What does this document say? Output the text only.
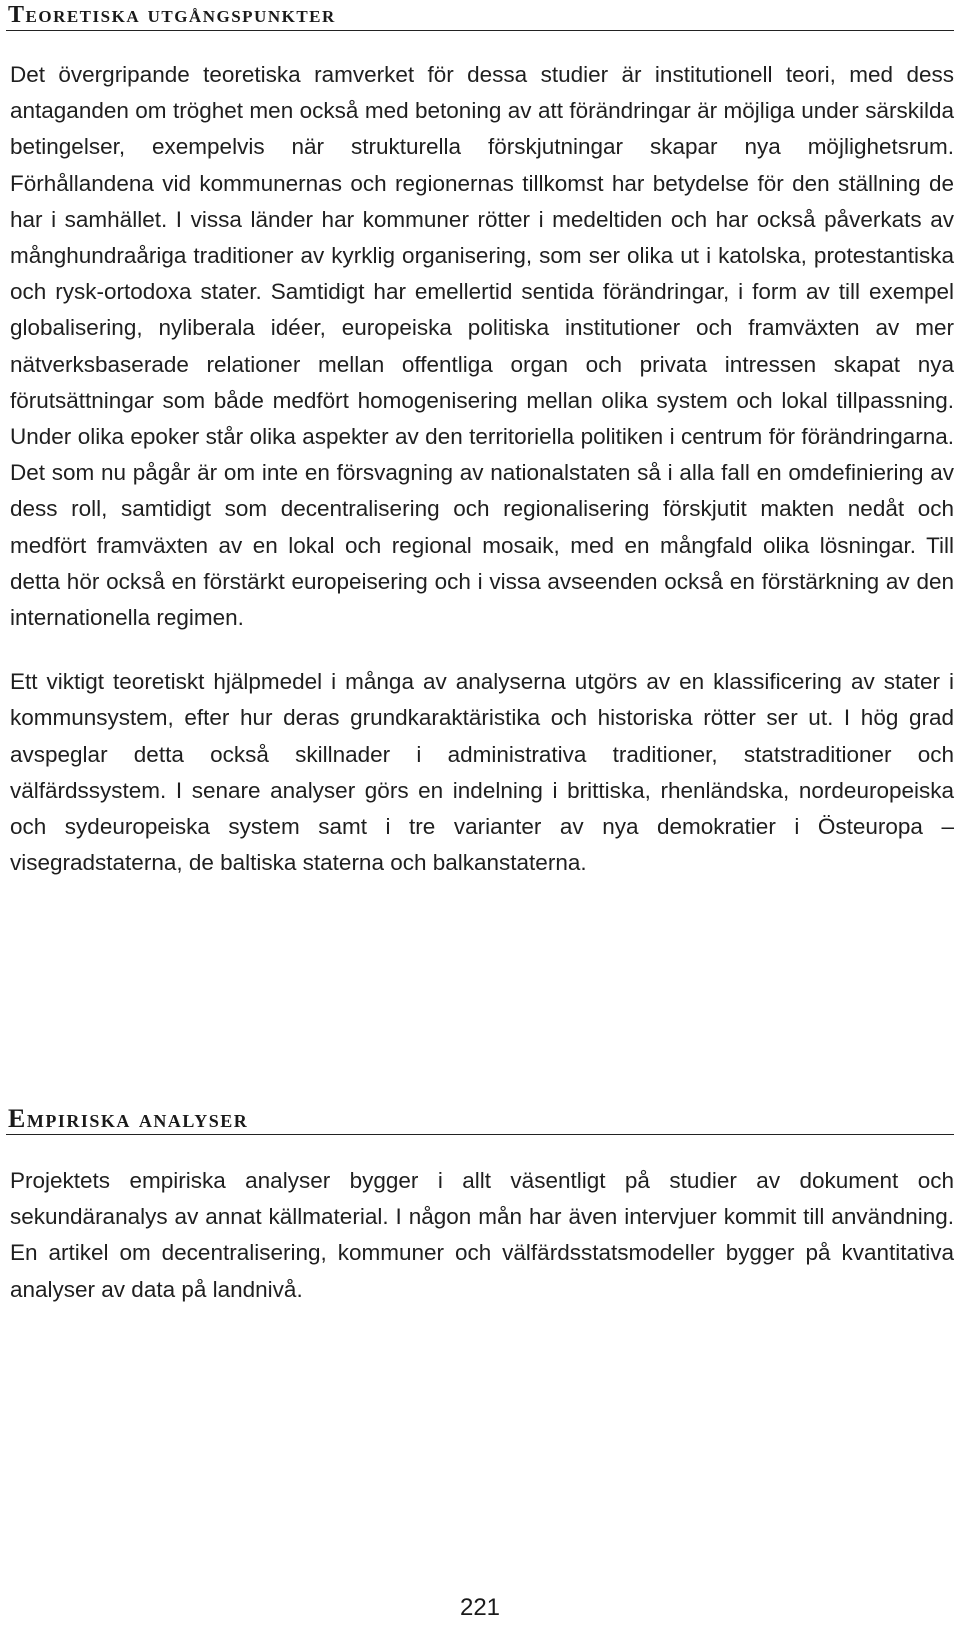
Teoretiska utgångspunkter

Det övergripande teoretiska ramverket för dessa studier är institutionell teori, med dess antaganden om tröghet men också med betoning av att förändringar är möjliga under särskilda betingelser, exempelvis när strukturella förskjutningar skapar nya möjlighetsrum. Förhållandena vid kommunernas och regionernas tillkomst har betydelse för den ställning de har i samhället. I vissa länder har kommuner rötter i medeltiden och har också påverkats av månghundraåriga traditioner av kyrklig organisering, som ser olika ut i katolska, protestantiska och rysk-ortodoxa stater. Samtidigt har emellertid sentida förändringar, i form av till exempel globalisering, nyliberala idéer, europeiska politiska institutioner och framväxten av mer nätverksbaserade relationer mellan offentliga organ och privata intressen skapat nya förutsättningar som både medfört homogenisering mellan olika system och lokal tillpassning. Under olika epoker står olika aspekter av den territoriella politiken i centrum för förändringarna. Det som nu pågår är om inte en försvagning av nationalstaten så i alla fall en omdefiniering av dess roll, samtidigt som decentralisering och regionalisering förskjutit makten nedåt och medfört framväxten av en lokal och regional mosaik, med en mångfald olika lösningar. Till detta hör också en förstärkt europeisering och i vissa avseenden också en förstärkning av den internationella regimen.

Ett viktigt teoretiskt hjälpmedel i många av analyserna utgörs av en klassificering av stater i kommunsystem, efter hur deras grundkaraktäristika och historiska rötter ser ut. I hög grad avspeglar detta också skillnader i administrativa traditioner, statstraditioner och välfärdssystem. I senare analyser görs en indelning i brittiska, rhenländska, nordeuropeiska och sydeuropeiska system samt i tre varianter av nya demokratier i Östeuropa – visegradstaterna, de baltiska staterna och balkanstaterna.

Empiriska analyser

Projektets empiriska analyser bygger i allt väsentligt på studier av dokument och sekundäranalys av annat källmaterial. I någon mån har även intervjuer kommit till användning. En artikel om decentralisering, kommuner och välfärdsstatsmodeller bygger på kvantitativa analyser av data på landnivå.

221
